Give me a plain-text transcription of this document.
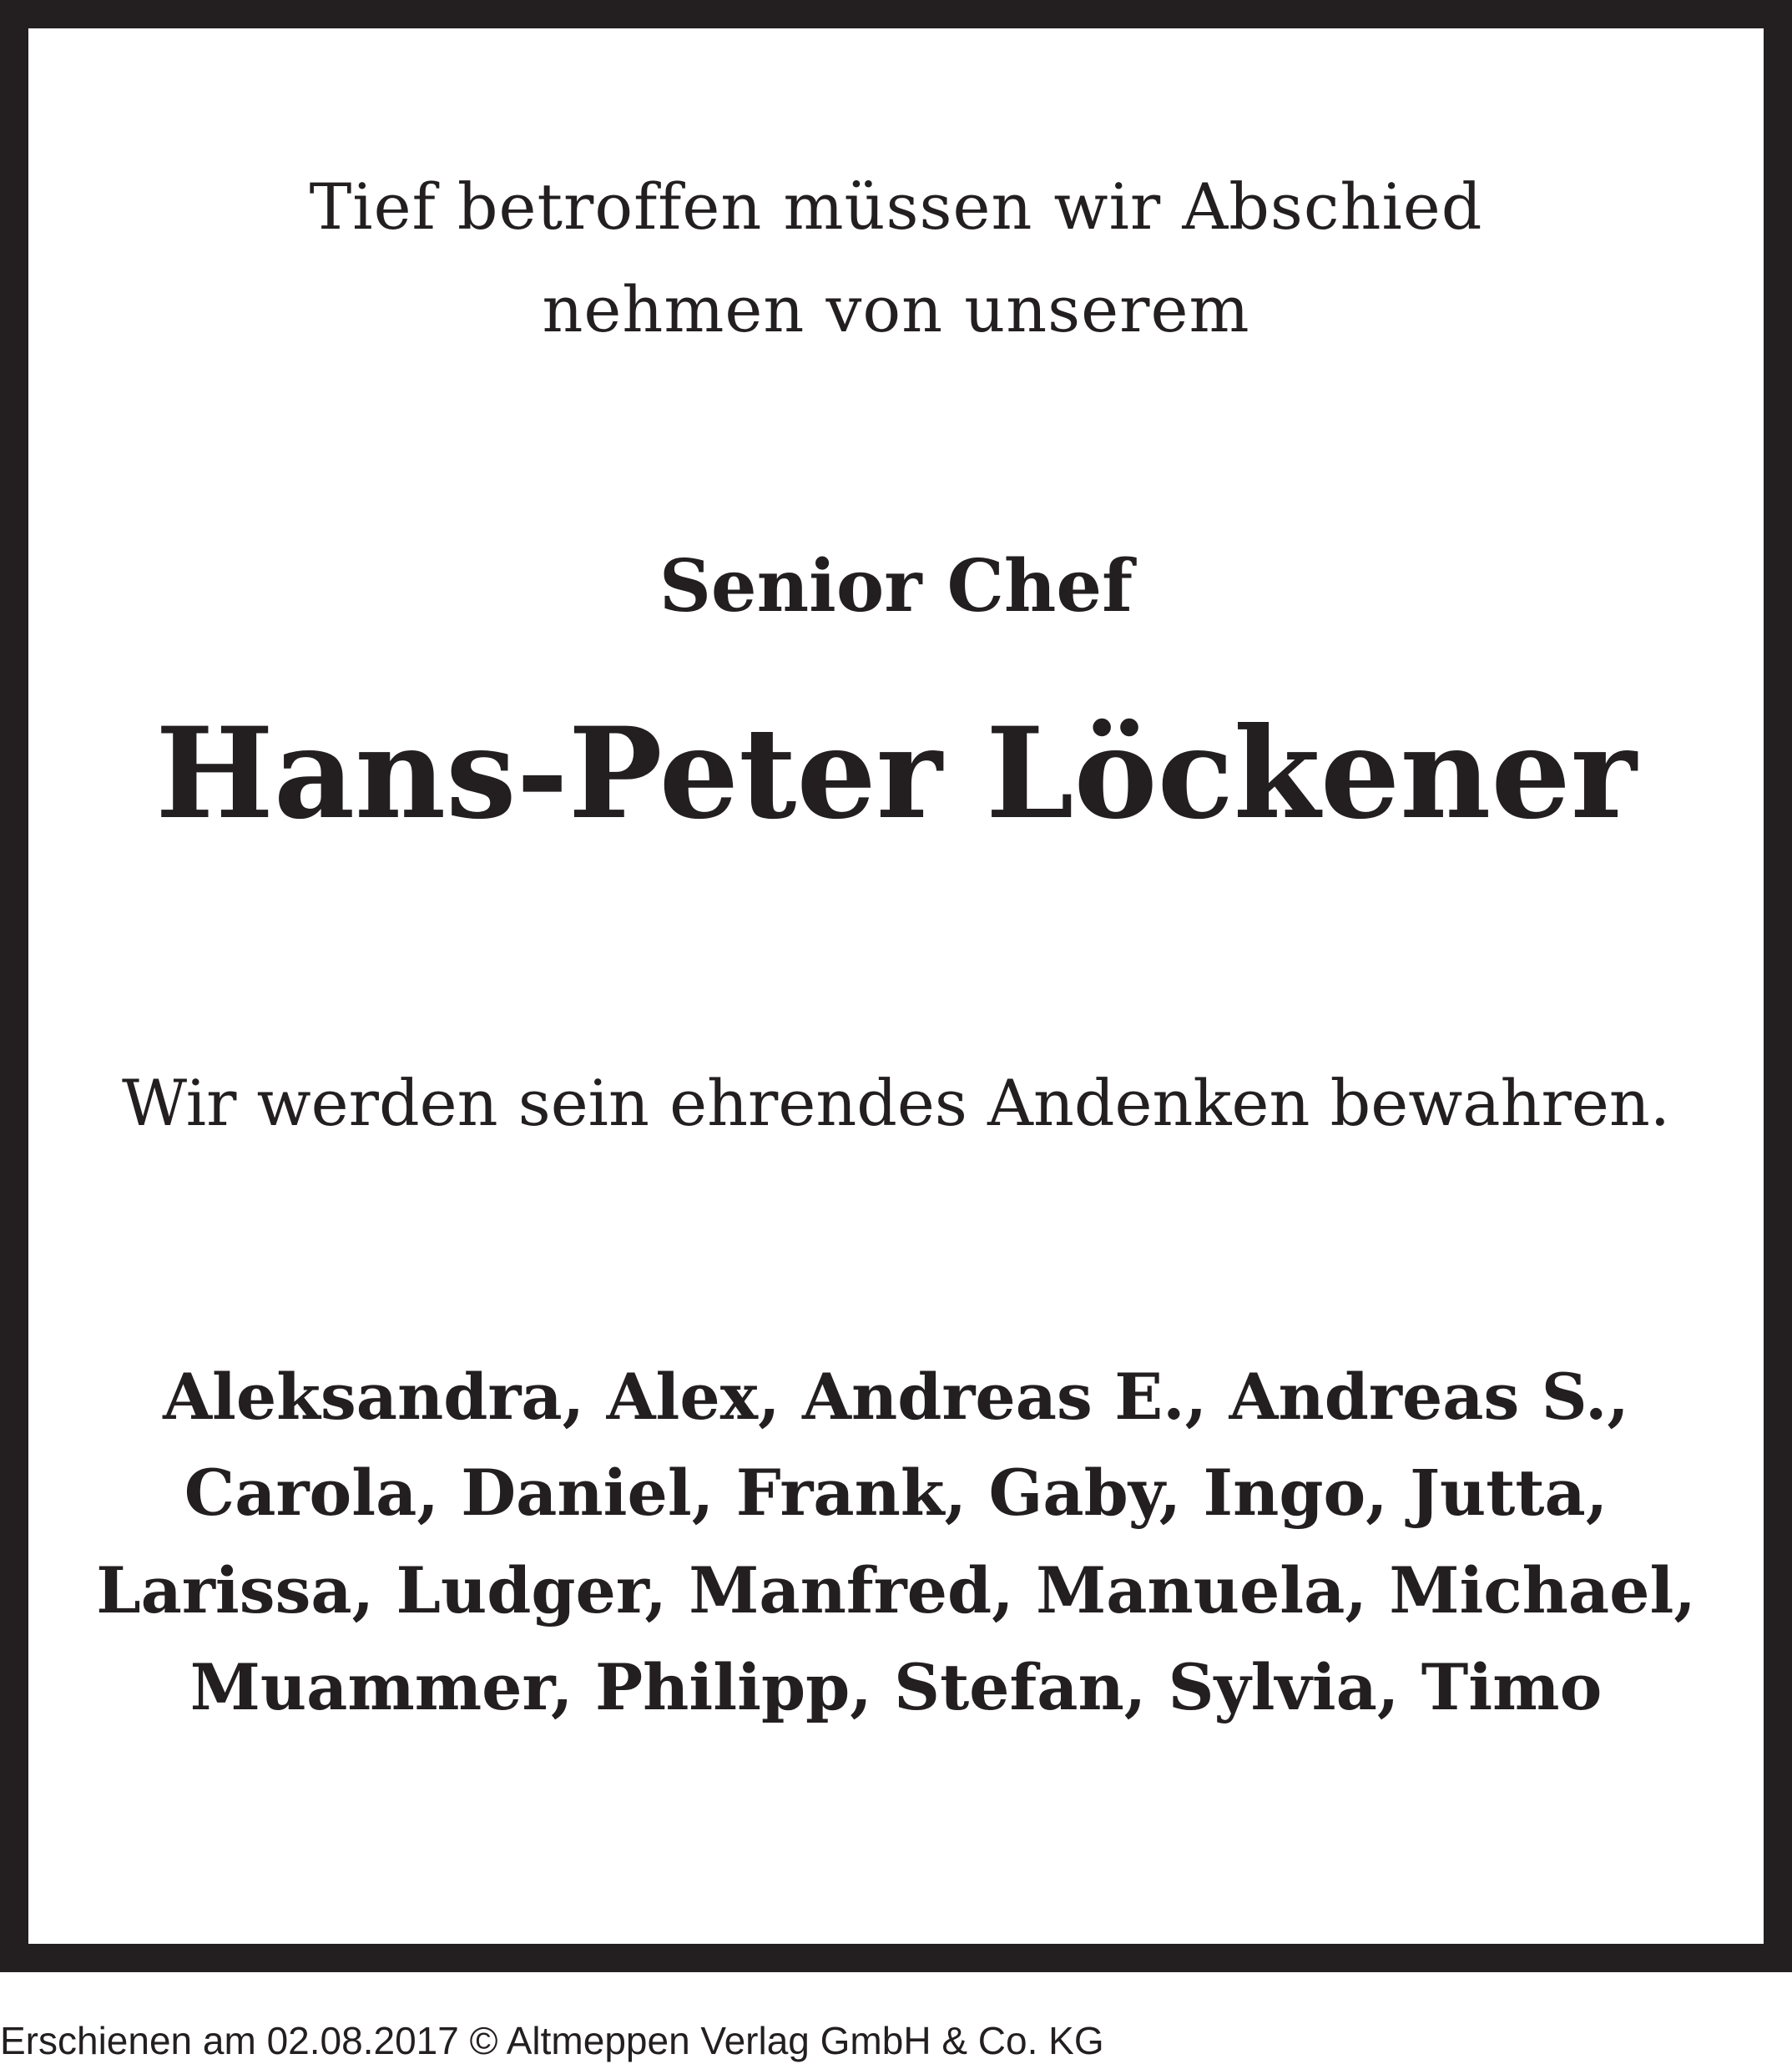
Tief betroffen müssen wir Abschied
nehmen von unserem
Senior Chef
Hans-Peter Löckener
Wir werden sein ehrendes Andenken bewahren.
Aleksandra, Alex, Andreas E., Andreas S.,
Carola, Daniel, Frank, Gaby, Ingo, Jutta,
Larissa, Ludger, Manfred, Manuela, Michael,
Muammer, Philipp, Stefan, Sylvia, Timo
Erschienen am 02.08.2017 © Altmeppen Verlag GmbH & Co. KG
